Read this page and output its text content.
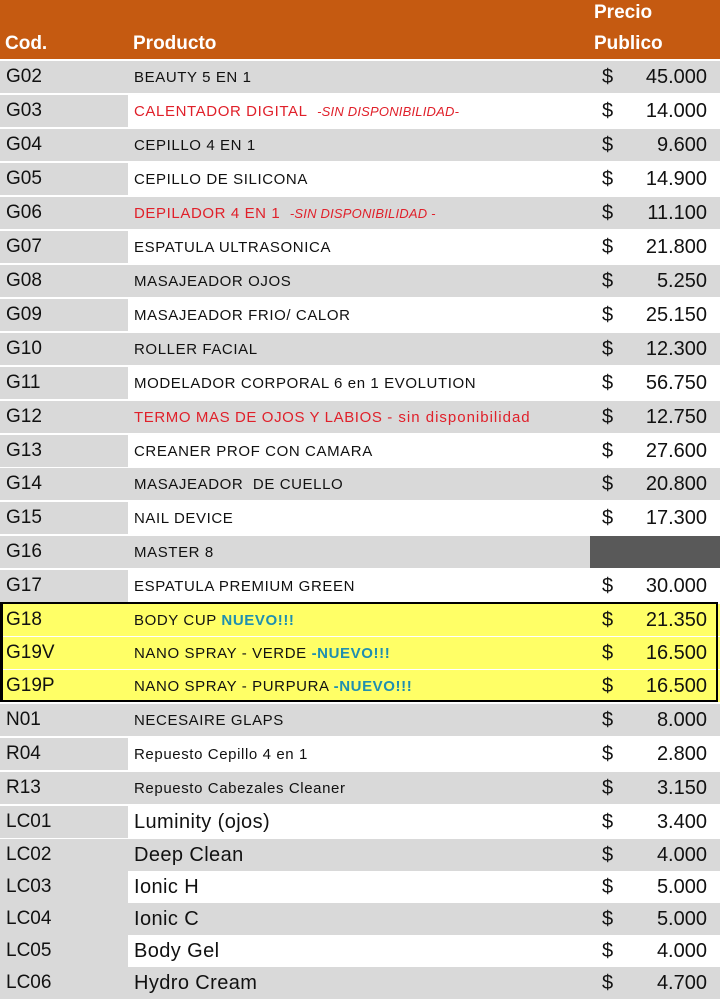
Cod.	Producto
Precio
Publico
G02	BEAUTY 5 EN 1	$ 45.000
G03	CALENTADOR DIGITAL -SIN DISPONIBILIDAD-	$ 14.000
G04	CEPILLO 4 EN 1	$ 9.600
G05	CEPILLO DE SILICONA	$ 14.900
G06	DEPILADOR 4 EN 1 -SIN DISPONIBILIDAD -	$ 11.100
G07	ESPATULA ULTRASONICA	$ 21.800
G08	MASAJEADOR OJOS	$ 5.250
G09	MASAJEADOR FRIO/ CALOR	$ 25.150
G10	ROLLER FACIAL	$ 12.300
G11	MODELADOR CORPORAL 6 en 1 EVOLUTION	$ 56.750
G12	TERMO MAS DE OJOS Y LABIOS - sin disponibilidad	$ 12.750
G13	CREANER PROF CON CAMARA	$ 27.600
G14	MASAJEADOR  DE CUELLO	$ 20.800
G15	NAIL DEVICE	$ 17.300
G16	MASTER 8
G17	ESPATULA PREMIUM GREEN	$ 30.000
G18	BODY CUP NUEVO!!!	$ 21.350
G19V	NANO SPRAY - VERDE -NUEVO!!!	$ 16.500
G19P	NANO SPRAY - PURPURA -NUEVO!!!	$ 16.500
N01	NECESAIRE GLAPS	$ 8.000
R04	Repuesto Cepillo 4 en 1	$ 2.800
R13	Repuesto Cabezales Cleaner	$ 3.150
LC01	Luminity (ojos)	$ 3.400
LC02	Deep Clean	$ 4.000
LC03	Ionic H	$ 5.000
LC04	Ionic C	$ 5.000
LC05	Body Gel	$ 4.000
LC06	Hydro Cream	$ 4.700
